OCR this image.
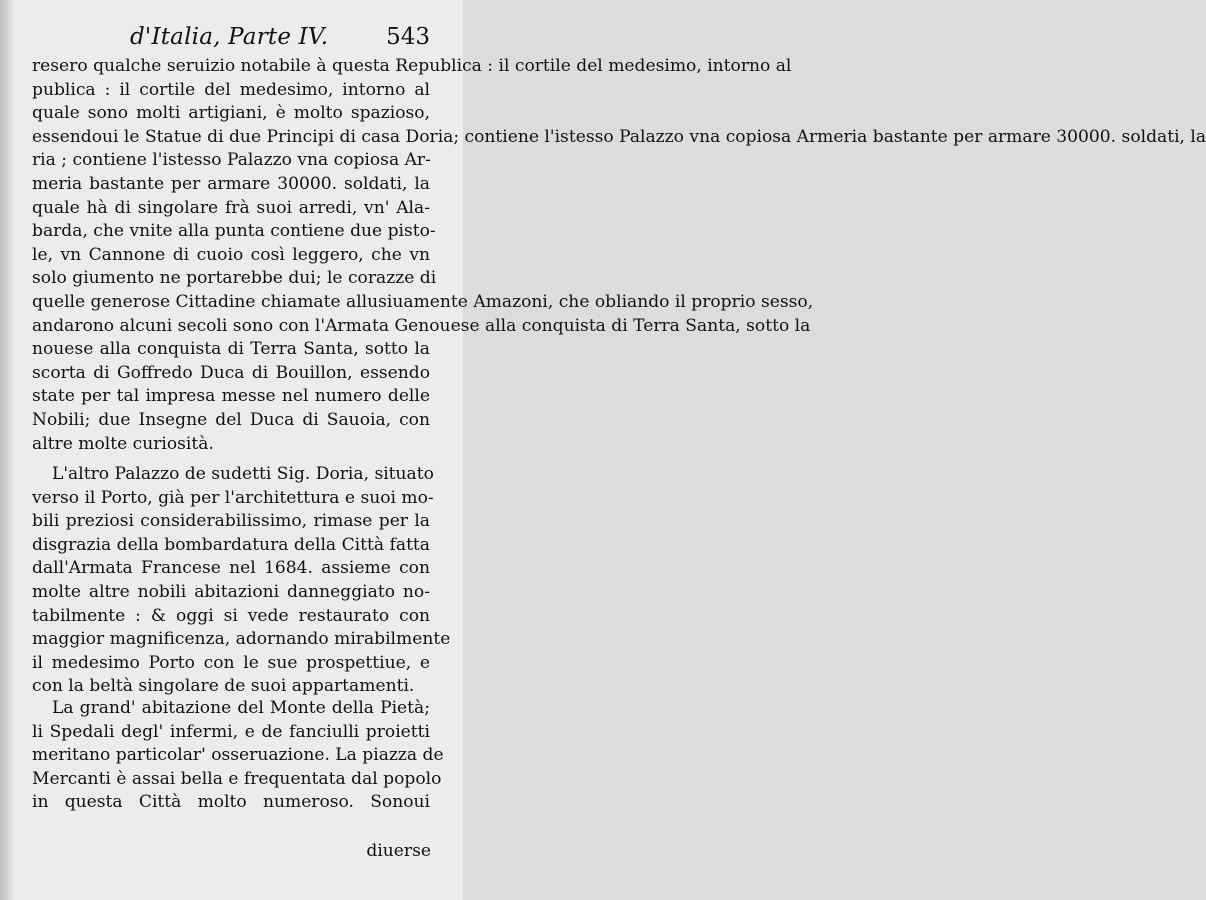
d'Italia, Parte IV.	543
resero qualche seruizio notabile à questa Republica : il cortile del medesimo, intorno al
publica : il cortile del medesimo, intorno al
quale sono molti artigiani, è molto spazioso,
essendoui le Statue di due Principi di casa Doria; contiene l'istesso Palazzo vna copiosa Armeria bastante per armare 30000. soldati, la
ria ; contiene l'istesso Palazzo vna copiosa Ar-
meria bastante per armare 30000. soldati, la
quale hà di singolare frà suoi arredi, vn' Ala-
barda, che vnite alla punta contiene due pisto-
le, vn Cannone di cuoio così leggero, che vn
solo giumento ne portarebbe dui; le corazze di
quelle generose Cittadine chiamate allusiuamente Amazoni, che obliando il proprio sesso,
andarono alcuni secoli sono con l'Armata Genouese alla conquista di Terra Santa, sotto la
nouese alla conquista di Terra Santa, sotto la
scorta di Goffredo Duca di Bouillon, essendo
state per tal impresa messe nel numero delle
Nobili; due Insegne del Duca di Sauoia, con
altre molte curiosità.
L'altro Palazzo de sudetti Sig. Doria, situato
verso il Porto, già per l'architettura e suoi mo-
bili preziosi considerabilissimo, rimase per la
disgrazia della bombardatura della Città fatta
dall'Armata Francese nel 1684. assieme con
molte altre nobili abitazioni danneggiato no-
tabilmente : & oggi si vede restaurato con
maggior magnificenza, adornando mirabilmente
il medesimo Porto con le sue prospettiue, e
con la beltà singolare de suoi appartamenti.
La grand' abitazione del Monte della Pietà;
li Spedali degl' infermi, e de fanciulli proietti
meritano particolar' osseruazione. La piazza de
Mercanti è assai bella e frequentata dal popolo
in questa Città molto numeroso. Sonoui
diuerse
